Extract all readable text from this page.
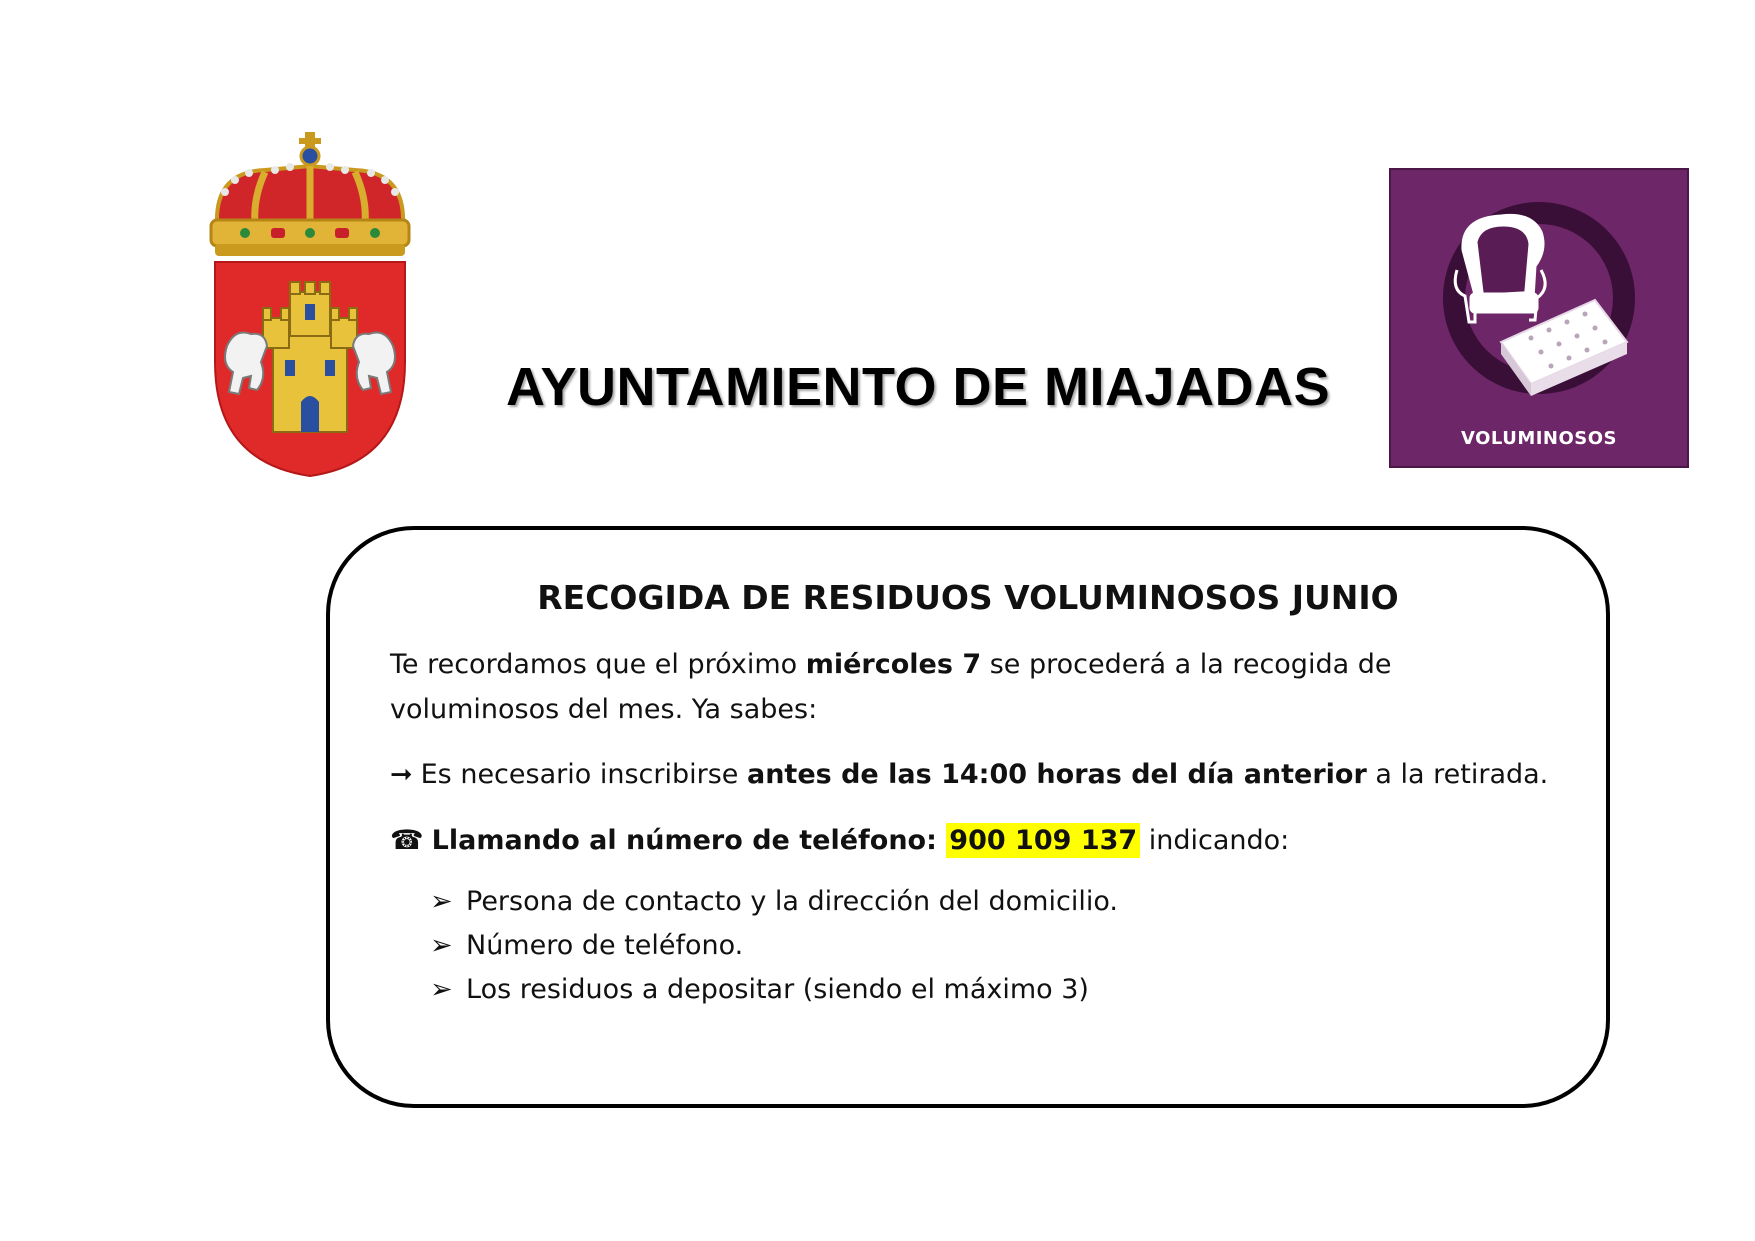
AYUNTAMIENTO DE MIAJADAS
VOLUMINOSOS
RECOGIDA DE RESIDUOS VOLUMINOSOS JUNIO
Te recordamos que el próximo miércoles 7 se procederá a la recogida de voluminosos del mes. Ya sabes:
➞ Es necesario inscribirse antes de las 14:00 horas del día anterior a la retirada.
☎ Llamando al número de teléfono: 900 109 137 indicando:
➢ Persona de contacto y la dirección del domicilio.
➢ Número de teléfono.
➢ Los residuos a depositar (siendo el máximo 3)
